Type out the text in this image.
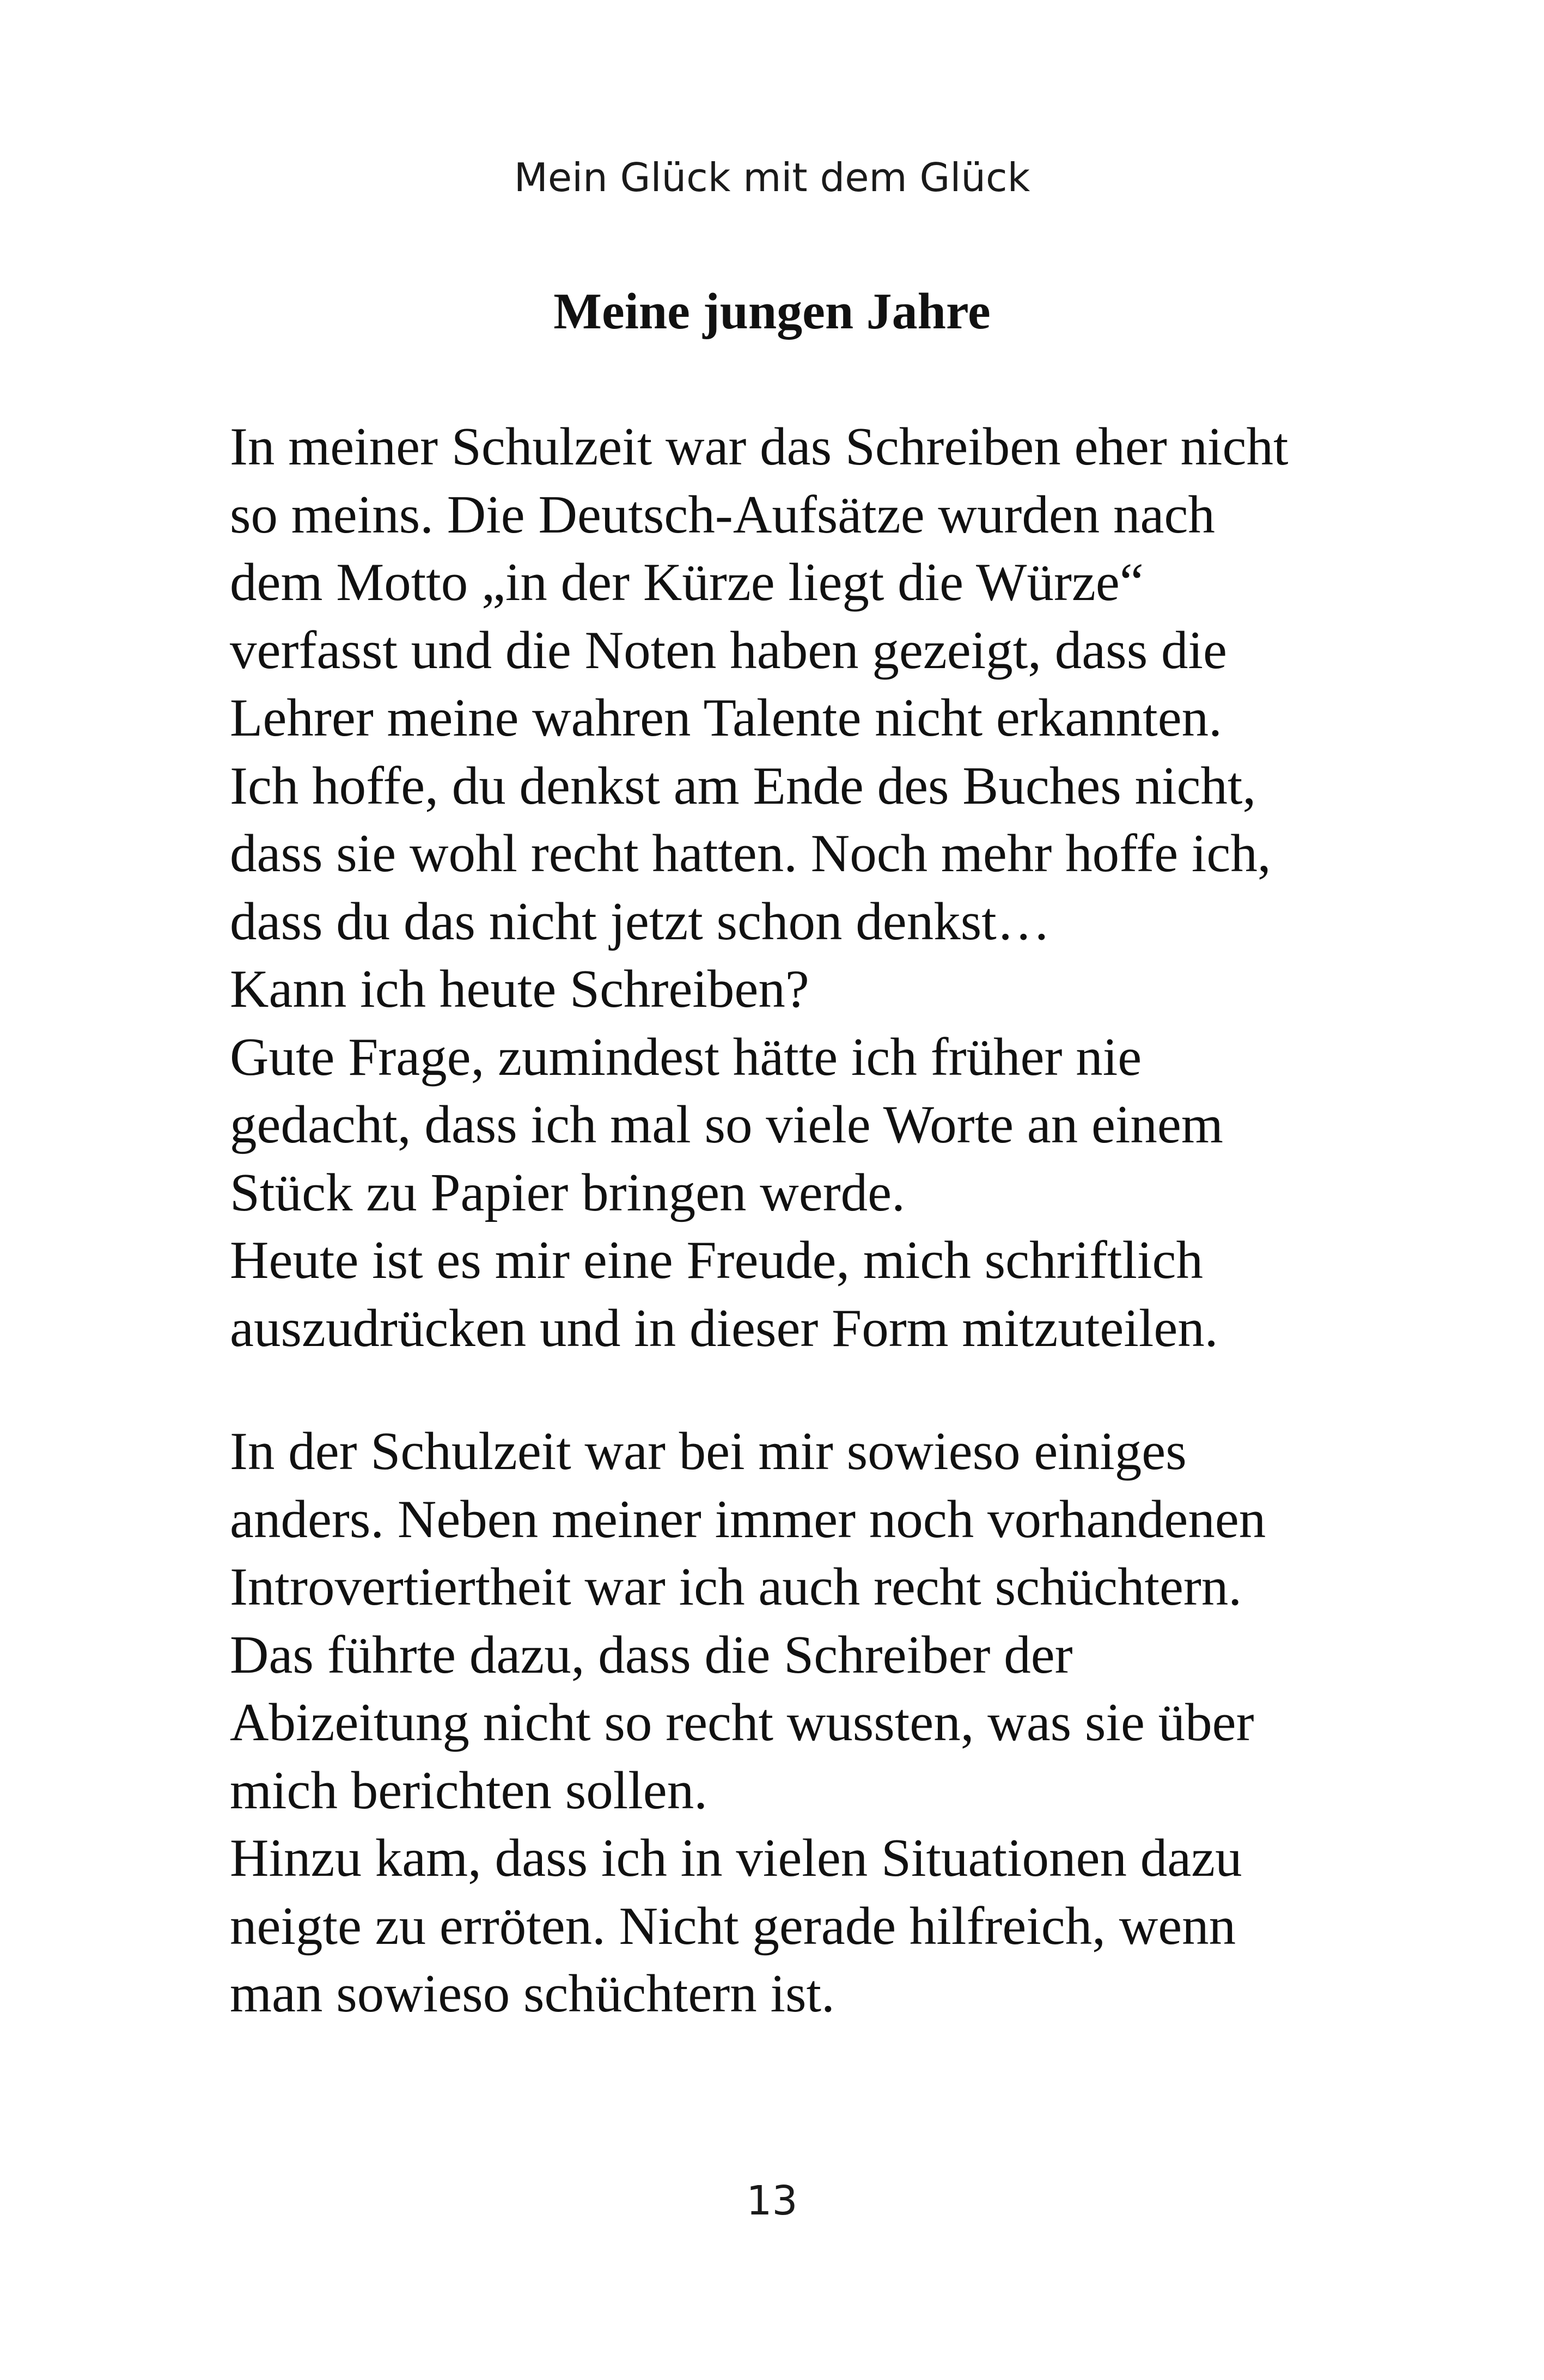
Mein Glück mit dem Glück
Meine jungen Jahre
In meiner Schulzeit war das Schreiben eher nicht
so meins. Die Deutsch-Aufsätze wurden nach
dem Motto „in der Kürze liegt die Würze“
verfasst und die Noten haben gezeigt, dass die
Lehrer meine wahren Talente nicht erkannten.
Ich hoffe, du denkst am Ende des Buches nicht,
dass sie wohl recht hatten. Noch mehr hoffe ich,
dass du das nicht jetzt schon denkst…
Kann ich heute Schreiben?
Gute Frage, zumindest hätte ich früher nie
gedacht, dass ich mal so viele Worte an einem
Stück zu Papier bringen werde.
Heute ist es mir eine Freude, mich schriftlich
auszudrücken und in dieser Form mitzuteilen.
In der Schulzeit war bei mir sowieso einiges
anders. Neben meiner immer noch vorhandenen
Introvertiertheit war ich auch recht schüchtern.
Das führte dazu, dass die Schreiber der
Abizeitung nicht so recht wussten, was sie über
mich berichten sollen.
Hinzu kam, dass ich in vielen Situationen dazu
neigte zu erröten. Nicht gerade hilfreich, wenn
man sowieso schüchtern ist.
13
